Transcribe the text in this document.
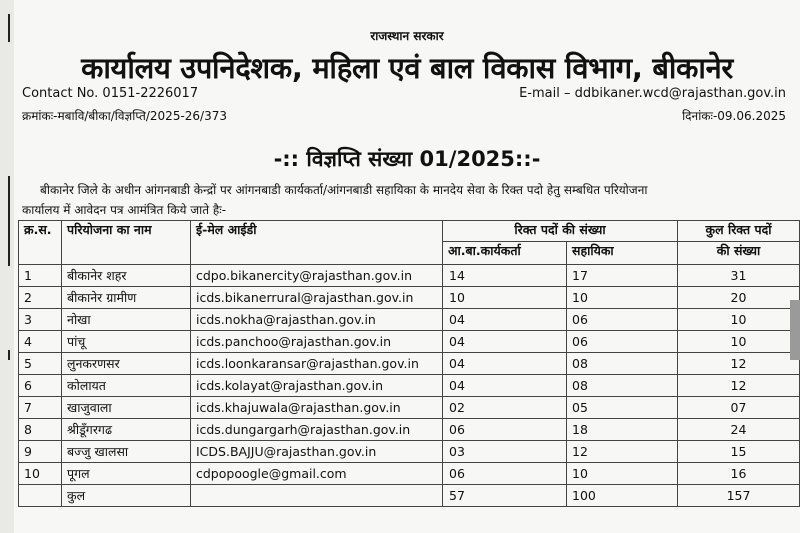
राजस्थान सरकार
कार्यालय उपनिदेशक, महिला एवं बाल विकास विभाग, बीकानेर
Contact No. 0151-2226017	E-mail – ddbikaner.wcd@rajasthan.gov.in
क्रमांकः-मबावि/बीका/विज्ञप्ति/2025-26/373	दिनांकः-09.06.2025
-:: विज्ञप्ति संख्या 01/2025::-
बीकानेर जिले के अधीन आंगनबाडी केन्द्रों पर आंगनबाडी कार्यकर्ता/आंगनबाडी सहायिका के मानदेय सेवा के रिक्त पदो हेतु सम्बधित परियोजना
कार्यालय में आवेदन पत्र आमंत्रित किये जाते हैः-
क्र.स.	परियोजना का नाम	ई-मेल आईडी	रिक्त पदों की संख्या		कुल रिक्त पदों
			आ.बा.कार्यकर्ता	सहायिका	की संख्या
1	बीकानेर शहर	cdpo.bikanercity@rajasthan.gov.in	14	17	31
2	बीकानेर ग्रामीण	icds.bikanerrural@rajasthan.gov.in	10	10	20
3	नोखा	icds.nokha@rajasthan.gov.in	04	06	10
4	पांचू	icds.panchoo@rajasthan.gov.in	04	06	10
5	लुनकरणसर	icds.loonkaransar@rajasthan.gov.in	04	08	12
6	कोलायत	icds.kolayat@rajasthan.gov.in	04	08	12
7	खाजुवाला	icds.khajuwala@rajasthan.gov.in	02	05	07
8	श्रीडूँगरगढ	icds.dungargarh@rajasthan.gov.in	06	18	24
9	बज्जु खालसा	ICDS.BAJJU@rajasthan.gov.in	03	12	15
10	पूगल	cdpopoogle@gmail.com	06	10	16
	कुल		57	100	157
